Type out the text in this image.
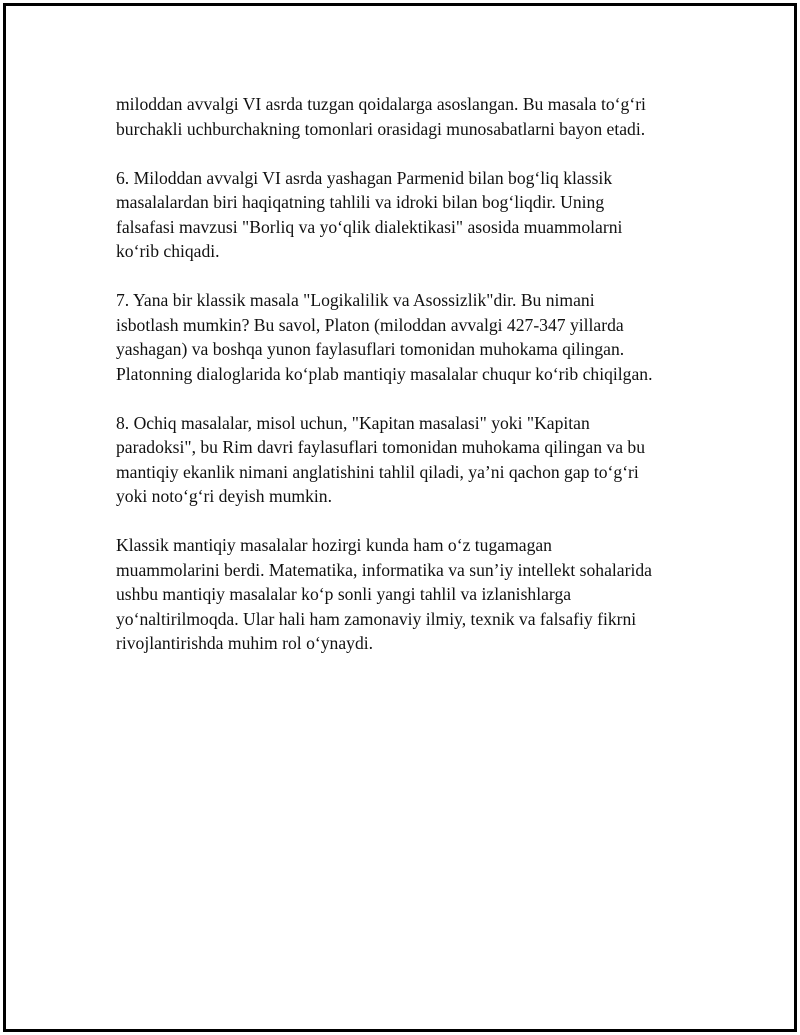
miloddan avvalgi VI asrda tuzgan qoidalarga asoslangan. Bu masala to‘g‘ri
burchakli uchburchakning tomonlari orasidagi munosabatlarni bayon etadi.

6. Miloddan avvalgi VI asrda yashagan Parmenid bilan bog‘liq klassik
masalalardan biri haqiqatning tahlili va idroki bilan bog‘liqdir. Uning
falsafasi mavzusi "Borliq va yo‘qlik dialektikasi" asosida muammolarni
ko‘rib chiqadi.

7. Yana bir klassik masala "Logikalilik va Asossizlik"dir. Bu nimani
isbotlash mumkin? Bu savol, Platon (miloddan avvalgi 427-347 yillarda
yashagan) va boshqa yunon faylasuflari tomonidan muhokama qilingan.
Platonning dialoglarida ko‘plab mantiqiy masalalar chuqur ko‘rib chiqilgan.

8. Ochiq masalalar, misol uchun, "Kapitan masalasi" yoki "Kapitan
paradoksi", bu Rim davri faylasuflari tomonidan muhokama qilingan va bu
mantiqiy ekanlik nimani anglatishini tahlil qiladi, ya’ni qachon gap to‘g‘ri
yoki noto‘g‘ri deyish mumkin.

Klassik mantiqiy masalalar hozirgi kunda ham o‘z tugamagan
muammolarini berdi. Matematika, informatika va sun’iy intellekt sohalarida
ushbu mantiqiy masalalar ko‘p sonli yangi tahlil va izlanishlarga
yo‘naltirilmoqda. Ular hali ham zamonaviy ilmiy, texnik va falsafiy fikrni
rivojlantirishda muhim rol o‘ynaydi.
